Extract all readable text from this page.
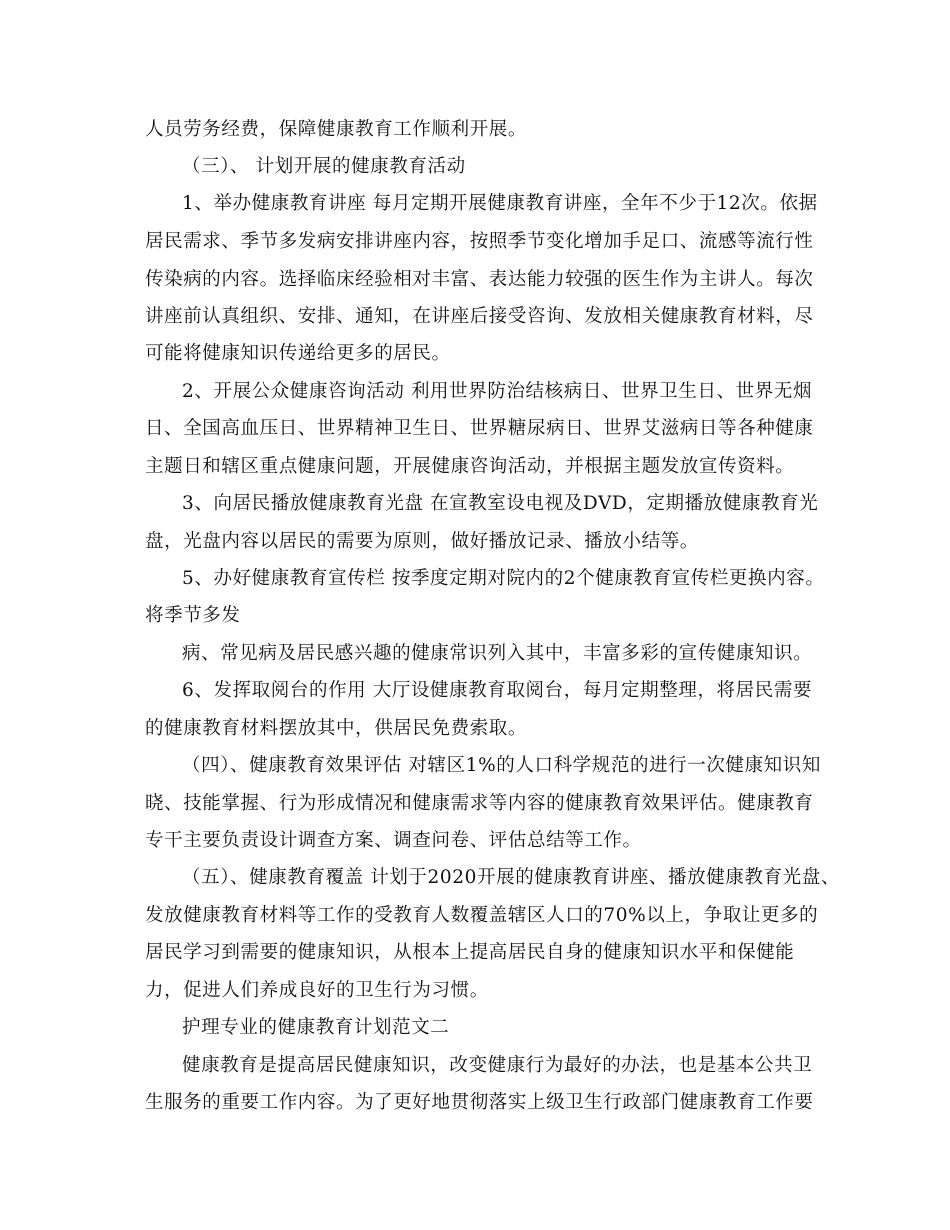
人员劳务经费，保障健康教育工作顺利开展。
（三）、 计划开展的健康教育活动
1、举办健康教育讲座 每月定期开展健康教育讲座，全年不少于12次。依据
居民需求、季节多发病安排讲座内容，按照季节变化增加手足口、流感等流行性
传染病的内容。选择临床经验相对丰富、表达能力较强的医生作为主讲人。每次
讲座前认真组织、安排、通知，在讲座后接受咨询、发放相关健康教育材料，尽
可能将健康知识传递给更多的居民。
2、开展公众健康咨询活动 利用世界防治结核病日、世界卫生日、世界无烟
日、全国高血压日、世界精神卫生日、世界糖尿病日、世界艾滋病日等各种健康
主题日和辖区重点健康问题，开展健康咨询活动，并根据主题发放宣传资料。
3、向居民播放健康教育光盘 在宣教室设电视及DVD，定期播放健康教育光
盘，光盘内容以居民的需要为原则，做好播放记录、播放小结等。
5、办好健康教育宣传栏 按季度定期对院内的2个健康教育宣传栏更换内容。
将季节多发
病、常见病及居民感兴趣的健康常识列入其中，丰富多彩的宣传健康知识。
6、发挥取阅台的作用 大厅设健康教育取阅台，每月定期整理，将居民需要
的健康教育材料摆放其中，供居民免费索取。
（四）、健康教育效果评估 对辖区1%的人口科学规范的进行一次健康知识知
晓、技能掌握、行为形成情况和健康需求等内容的健康教育效果评估。健康教育
专干主要负责设计调查方案、调查问卷、评估总结等工作。
（五）、健康教育覆盖 计划于2020开展的健康教育讲座、播放健康教育光盘、
发放健康教育材料等工作的受教育人数覆盖辖区人口的70%以上，争取让更多的
居民学习到需要的健康知识，从根本上提高居民自身的健康知识水平和保健能
力，促进人们养成良好的卫生行为习惯。
护理专业的健康教育计划范文二
健康教育是提高居民健康知识，改变健康行为最好的办法，也是基本公共卫
生服务的重要工作内容。为了更好地贯彻落实上级卫生行政部门健康教育工作要
